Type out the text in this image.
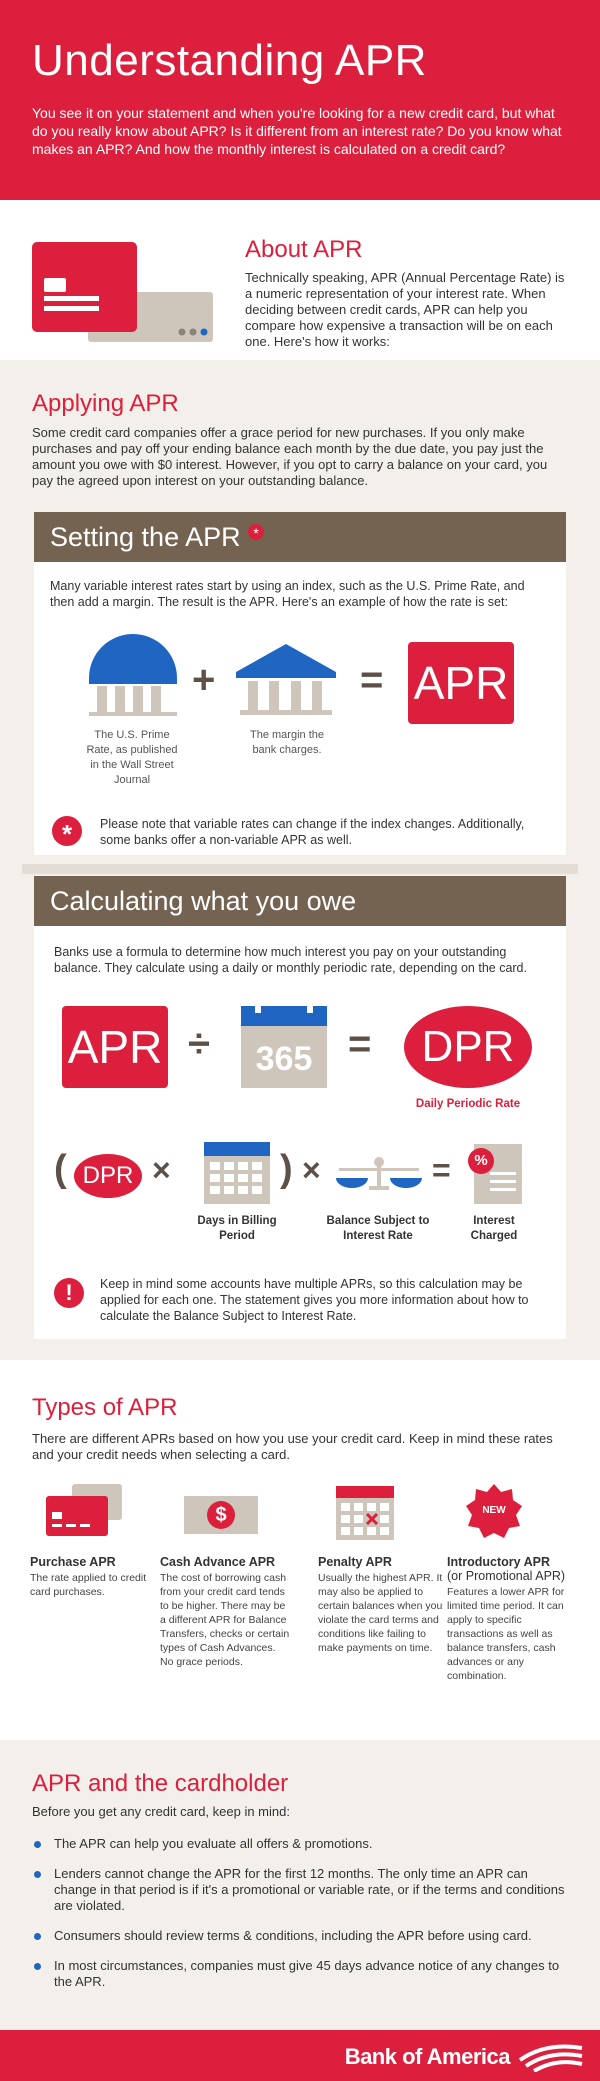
Understanding APR

You see it on your statement and when you're looking for a new credit card, but what do you really know about APR? Is it different from an interest rate? Do you know what makes an APR? And how the monthly interest is calculated on a credit card?

About APR

Technically speaking, APR (Annual Percentage Rate) is a numeric representation of your interest rate. When deciding between credit cards, APR can help you compare how expensive a transaction will be on each one. Here's how it works:

Applying APR

Some credit card companies offer a grace period for new purchases. If you only make purchases and pay off your ending balance each month by the due date, you pay just the amount you owe with $0 interest. However, if you opt to carry a balance on your card, you pay the agreed upon interest on your outstanding balance.

Setting the APR *

Many variable interest rates start by using an index, such as the U.S. Prime Rate, and then add a margin. The result is the APR. Here's an example of how the rate is set:

+	= APR
The U.S. Prime Rate, as published in the Wall Street Journal
The margin the bank charges.
*	Please note that variable rates can change if the index changes. Additionally, some banks offer a non-variable APR as well.

Calculating what you owe

Banks use a formula to determine how much interest you pay on your outstanding balance. They calculate using a daily or monthly periodic rate, depending on the card.

APR ÷	365 =	DPR
Daily Periodic Rate
( DPR ×	) ×	=	%
Days in Billing Period
Balance Subject to Interest Rate
Interest Charged
!	Keep in mind some accounts have multiple APRs, so this calculation may be applied for each one. The statement gives you more information about how to calculate the Balance Subject to Interest Rate.

Types of APR

There are different APRs based on how you use your credit card. Keep in mind these rates and your credit needs when selecting a card.

$	NEW
Purchase APR
The rate applied to credit card purchases.
Cash Advance APR
The cost of borrowing cash from your credit card tends to be higher. There may be a different APR for Balance Transfers, checks or certain types of Cash Advances. No grace periods.
Penalty APR
Usually the highest APR. It may also be applied to certain balances when you violate the card terms and conditions like failing to make payments on time.
Introductory APR
(or Promotional APR)
Features a lower APR for limited time period. It can apply to specific transactions as well as balance transfers, cash advances or any combination.
APR and the cardholder

Before you get any credit card, keep in mind:

The APR can help you evaluate all offers & promotions.
Lenders cannot change the APR for the first 12 months. The only time an APR can change in that period is if it's a promotional or variable rate, or if the terms and conditions are violated.
Consumers should review terms & conditions, including the APR before using card.
In most circumstances, companies must give 45 days advance notice of any changes to the APR.
Bank of America
